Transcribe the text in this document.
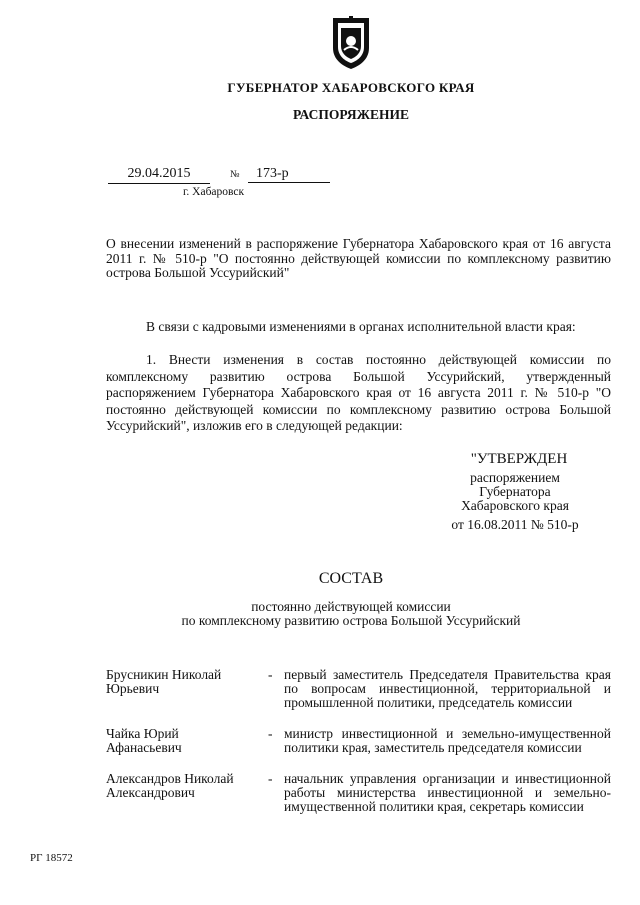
ГУБЕРНАТОР ХАБАРОВСКОГО КРАЯ
РАСПОРЯЖЕНИЕ
29.04.2015	№	173-р
г. Хабаровск
О внесении изменений в распоряжение Губернатора Хабаровского края от 16 августа 2011 г. № 510-р "О постоянно действующей комиссии по комплексному развитию острова Большой Уссурийский"
В связи с кадровыми изменениями в органах исполнительной власти края:
1. Внести изменения в состав постоянно действующей комиссии по комплексному развитию острова Большой Уссурийский, утвержденный распоряжением Губернатора Хабаровского края от 16 августа 2011 г. № 510-р "О постоянно действующей комиссии по комплексному развитию острова Большой Уссурийский", изложив его в следующей редакции:
"УТВЕРЖДЕН
распоряжением
Губернатора
Хабаровского края
от 16.08.2011 № 510-р
СОСТАВ
постоянно действующей комиссии
по комплексному развитию острова Большой Уссурийский
Брусникин Николай
Юрьевич
- первый заместитель Председателя Правительства края по вопросам инвестиционной, территориальной и промышленной политики, председатель комиссии
Чайка Юрий
Афанасьевич
- министр инвестиционной и земельно-имущественной политики края, заместитель председателя комиссии
Александров Николай
Александрович
- начальник управления организации и инвестиционной работы министерства инвестиционной и земельно-имущественной политики края, секретарь комиссии
РГ 18572
